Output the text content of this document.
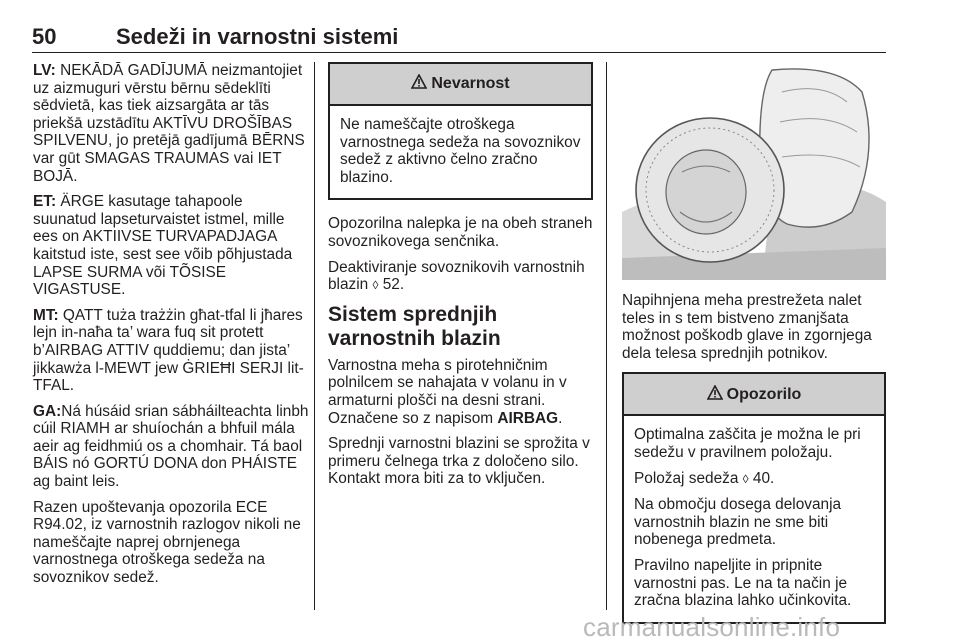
50	Sedeži in varnostni sistemi

LV: NEKĀDĀ GADĪJUMĀ neizmantojiet uz aizmuguri vērstu bērnu sēdeklīti sēdvietā, kas tiek aizsargāta ar tās priekšā uzstādītu AKTĪVU DROŠĪBAS SPILVENU, jo pretējā gadījumā BĒRNS var gūt SMAGAS TRAUMAS vai IET BOJĀ.

ET: ÄRGE kasutage tahapoole suunatud lapseturvaistet istmel, mille ees on AKTIIVSE TURVAPADJAGA kaitstud iste, sest see võib põhjustada LAPSE SURMA või TÕSISE VIGASTUSE.

MT: QATT tuża trażżin għat-tfal li jħares lejn in-naħa ta’ wara fuq sit protett b’AIRBAG ATTIV quddiemu; dan jista’ jikkawża l-MEWT jew ĠRIEĦI SERJI lit-TFAL.

GA:Ná húsáid srian sábháilteachta linbh cúil RIAMH ar shuíochán a bhfuil mála aeir ag feidhmiú os a chomhair. Tá baol BÁIS nó GORTÚ DONA don PHÁISTE ag baint leis.

Razen upoštevanja opozorila ECE R94.02, iz varnostnih razlogov nikoli ne nameščajte naprej obrnjenega varnostnega otroškega sedeža na sovoznikov sedež.

Nevarnost

Ne nameščajte otroškega varnostnega sedeža na sovoznikov sedež z aktivno čelno zračno blazino.

Opozorilna nalepka je na obeh straneh sovoznikovega senčnika.

Deaktiviranje sovoznikovih varnostnih blazin ◊ 52.

Sistem sprednjih varnostnih blazin

Varnostna meha s pirotehničnim polnilcem se nahajata v volanu in v armaturni plošči na desni strani. Označene so z napisom AIRBAG.

Sprednji varnostni blazini se sprožita v primeru čelnega trka z določeno silo. Kontakt mora biti za to vključen.

Napihnjena meha prestrežeta nalet teles in s tem bistveno zmanjšata možnost poškodb glave in zgornjega dela telesa sprednjih potnikov.

Opozorilo

Optimalna zaščita je možna le pri sedežu v pravilnem položaju.

Položaj sedeža ◊ 40.

Na območju dosega delovanja varnostnih blazin ne sme biti nobenega predmeta.

Pravilno napeljite in pripnite varnostni pas. Le na ta način je zračna blazina lahko učinkovita.

carmanualsonline.info
